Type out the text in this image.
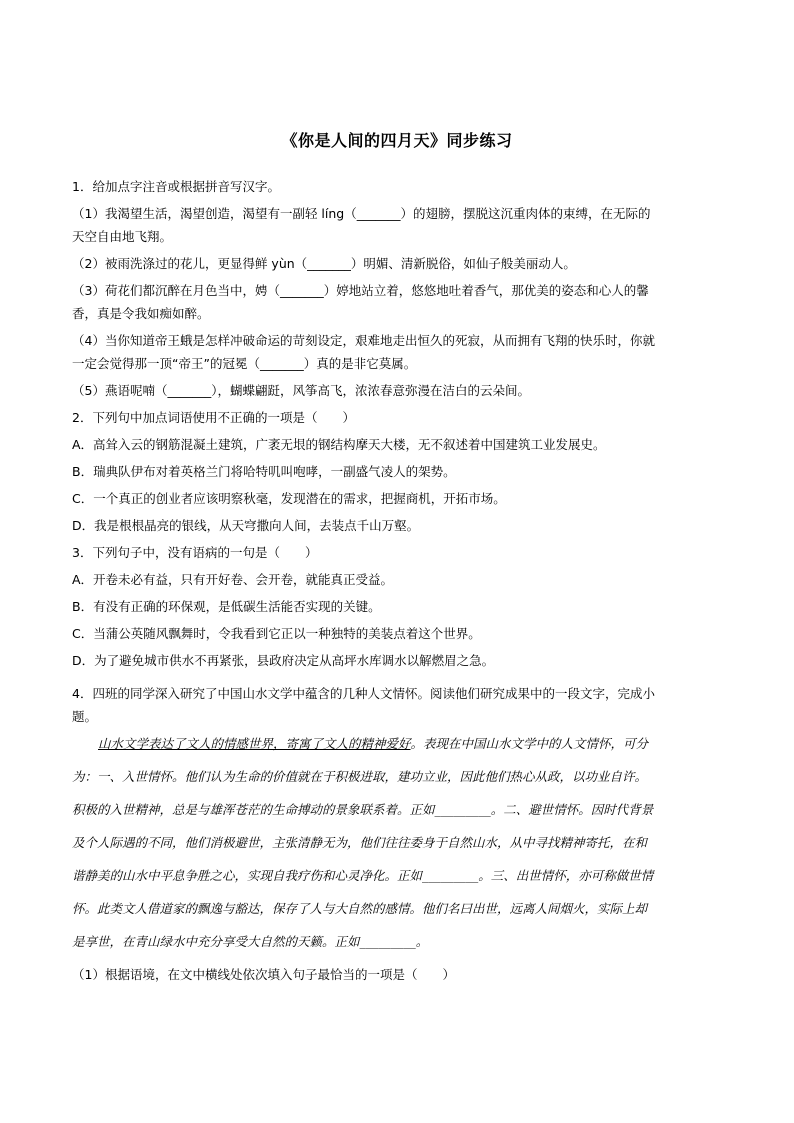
《你是人间的四月天》同步练习
1．给加点字注音或根据拼音写汉字。
（1）我渴望生活，渴望创造，渴望有一副轻 líng（_______）的翅膀，摆脱这沉重肉体的束缚，在无际的
天空自由地飞翔。
（2）被雨洗涤过的花儿，更显得鲜 yùn（_______）明媚、清新脱俗，如仙子般美丽动人。
（3）荷花们都沉醉在月色当中，娉（_______）婷地站立着，悠悠地吐着香气，那优美的姿态和心人的馨
香，真是令我如痴如醉。
（4）当你知道帝王蛾是怎样冲破命运的苛刻设定，艰难地走出恒久的死寂，从而拥有飞翔的快乐时，你就
一定会觉得那一顶“帝王”的冠冕（_______）真的是非它莫属。
（5）燕语呢喃（_______），蝴蝶翩跹，风筝高飞，浓浓春意弥漫在洁白的云朵间。
2．下列句中加点词语使用不正确的一项是（　　）
A．高耸入云的钢筋混凝土建筑，广袤无垠的钢结构摩天大楼，无不叙述着中国建筑工业发展史。
B．瑞典队伊布对着英格兰门将哈特叽叫咆哮，一副盛气凌人的架势。
C．一个真正的创业者应该明察秋毫，发现潜在的需求，把握商机，开拓市场。
D．我是根根晶亮的银线，从天穹撒向人间，去装点千山万壑。
3．下列句子中，没有语病的一句是（　　）
A．开卷未必有益，只有开好卷、会开卷，就能真正受益。
B．有没有正确的环保观，是低碳生活能否实现的关键。
C．当蒲公英随风飘舞时，令我看到它正以一种独特的美装点着这个世界。
D．为了避免城市供水不再紧张，县政府决定从高坪水库调水以解燃眉之急。
4．四班的同学深入研究了中国山水文学中蕴含的几种人文情怀。阅读他们研究成果中的一段文字，完成小
题。
山水文学表达了文人的情感世界，寄寓了文人的精神爱好。表现在中国山水文学中的人文情怀，可分
为：一、入世情怀。他们认为生命的价值就在于积极进取，建功立业，因此他们热心从政，以功业自许。
积极的入世精神，总是与雄浑苍茫的生命搏动的景象联系着。正如_________。二、避世情怀。因时代背景
及个人际遇的不同，他们消极避世，主张清静无为，他们往往委身于自然山水，从中寻找精神寄托，在和
谐静美的山水中平息争胜之心，实现自我疗伤和心灵净化。正如_________。三、出世情怀，亦可称做世情
怀。此类文人借道家的飘逸与豁达，保存了人与大自然的感情。他们名曰出世，远离人间烟火，实际上却
是享世，在青山绿水中充分享受大自然的天籁。正如_________。
（1）根据语境，在文中横线处依次填入句子最恰当的一项是（　　）
